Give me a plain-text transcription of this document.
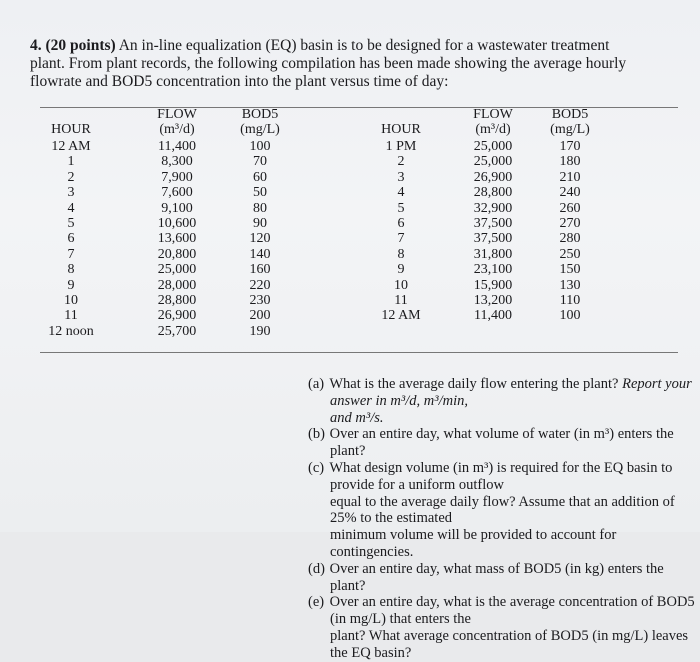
4. (20 points) An in-line equalization (EQ) basin is to be designed for a wastewater treatment
plant. From plant records, the following compilation has been made showing the average hourly
flowrate and BOD5 concentration into the plant versus time of day:
HOUR
FLOW
(m³/d)
BOD5
(mg/L)	HOUR
FLOW
(m³/d)
BOD5
(mg/L)
12 AM
1
2
3
4
5
6
7
8
9
10
11
12 noon
11,400
8,300
7,900
7,600
9,100
10,600
13,600
20,800
25,000
28,000
28,800
26,900
25,700
100
70
60
50
80
90
120
140
160
220
230
200
190
1 PM
2
3
4
5
6
7
8
9
10
11
12 AM
25,000
25,000
26,900
28,800
32,900
37,500
37,500
31,800
23,100
15,900
13,200
11,400
170
180
210
240
260
270
280
250
150
130
110
100
(a) What is the average daily flow entering the plant? Report your answer in m³/d, m³/min,
and m³/s.
(b) Over an entire day, what volume of water (in m³) enters the plant?
(c) What design volume (in m³) is required for the EQ basin to provide for a uniform outflow
equal to the average daily flow? Assume that an addition of 25% to the estimated
minimum volume will be provided to account for contingencies.
(d) Over an entire day, what mass of BOD5 (in kg) enters the plant?
(e) Over an entire day, what is the average concentration of BOD5 (in mg/L) that enters the
plant? What average concentration of BOD5 (in mg/L) leaves the EQ basin?
